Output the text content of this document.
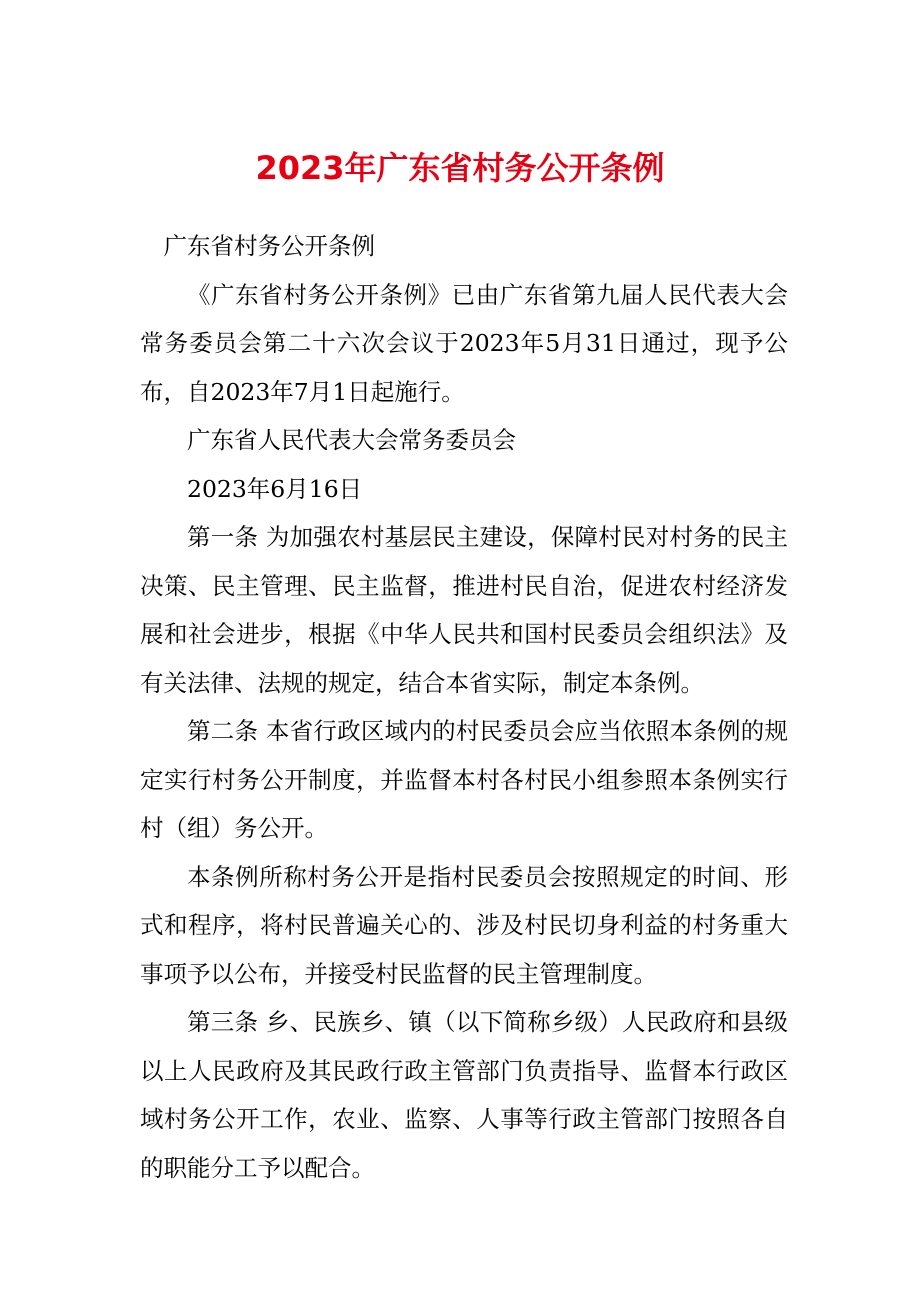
2023年广东省村务公开条例

广东省村务公开条例

《广东省村务公开条例》已由广东省第九届人民代表大会常务委员会第二十六次会议于2023年5月31日通过，现予公布，自2023年7月1日起施行。

广东省人民代表大会常务委员会

2023年6月16日

第一条 为加强农村基层民主建设，保障村民对村务的民主决策、民主管理、民主监督，推进村民自治，促进农村经济发展和社会进步，根据《中华人民共和国村民委员会组织法》及有关法律、法规的规定，结合本省实际，制定本条例。

第二条 本省行政区域内的村民委员会应当依照本条例的规定实行村务公开制度，并监督本村各村民小组参照本条例实行村（组）务公开。

本条例所称村务公开是指村民委员会按照规定的时间、形式和程序，将村民普遍关心的、涉及村民切身利益的村务重大事项予以公布，并接受村民监督的民主管理制度。

第三条 乡、民族乡、镇（以下简称乡级）人民政府和县级以上人民政府及其民政行政主管部门负责指导、监督本行政区域村务公开工作，农业、监察、人事等行政主管部门按照各自的职能分工予以配合。
